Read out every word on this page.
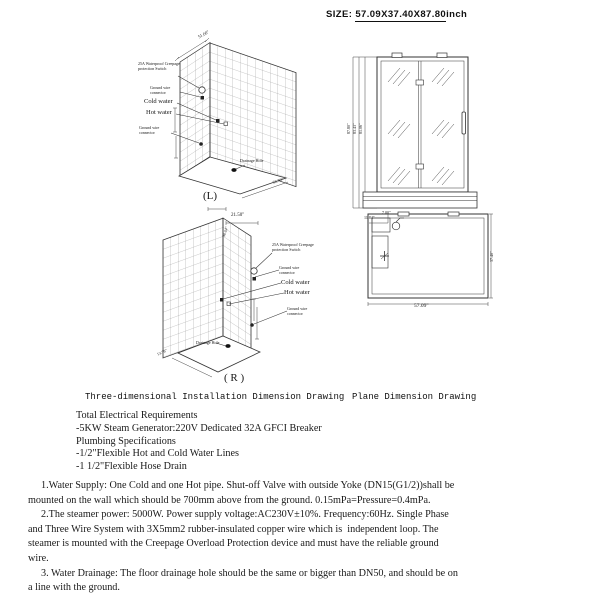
SIZE: 57.09X37.40X87.80inch
25A Waterproof Creepage protection Switch
Ground wire connector
Cold water
Hot water
Ground wire connector
Drainage Hole
51.60"
52.76"
(L)
21.50"
30.04"
25A Waterproof Creepage protection Switch
Ground wire connector
Cold water
Hot water
Ground wire connector
Drainage Hole
13.78"
( R )
87.80" 83.43" 81.06"
11.84"
7.00"
37.40"
57.09"
Three-dimensional Installation Dimension Drawing Plane Dimension Drawing
Total Electrical Requirements
-5KW Steam Generator:220V Dedicated 32A GFCI Breaker
Plumbing Specifications
-1/2"Flexible Hot and Cold Water Lines
-1 1/2"Flexible Hose Drain
1.Water Supply: One Cold and one Hot pipe. Shut-off Valve with outside Yoke (DN15(G1/2))shall be
mounted on the wall which should be 700mm above from the ground. 0.15mPa=Pressure=0.4mPa.
2.The steamer power: 5000W. Power supply voltage:AC230V±10%. Frequency:60Hz. Single Phase
and Three Wire System with 3X5mm2 rubber-insulated copper wire which is  independent loop. The
steamer is mounted with the Creepage Overload Protection device and must have the reliable ground
wire.
3. Water Drainage: The floor drainage hole should be the same or bigger than DN50, and should be on
a line with the ground.
